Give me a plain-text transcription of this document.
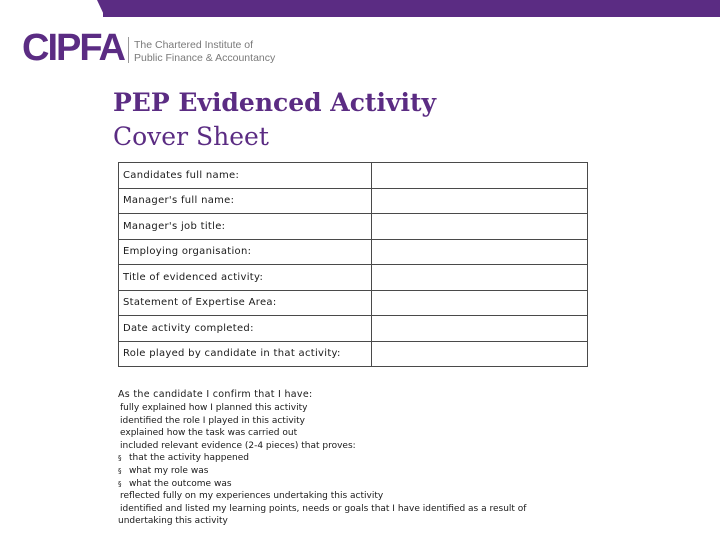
CIPFA The Chartered Institute of
Public Finance & Accountancy
PEP Evidenced Activity
Cover Sheet
Candidates full name:	
Manager's full name:	
Manager's job title:	
Employing organisation:	
Title of evidenced activity:	
Statement of Expertise Area:	
Date activity completed:	
Role played by candidate in that activity:	
As the candidate I confirm that I have:
fully explained how I planned this activity
identified the role I played in this activity
explained how the task was carried out
included relevant evidence (2-4 pieces) that proves:
§ that the activity happened
§ what my role was
§ what the outcome was
reflected fully on my experiences undertaking this activity
identified and listed my learning points, needs or goals that I have identified as a result of
undertaking this activity
